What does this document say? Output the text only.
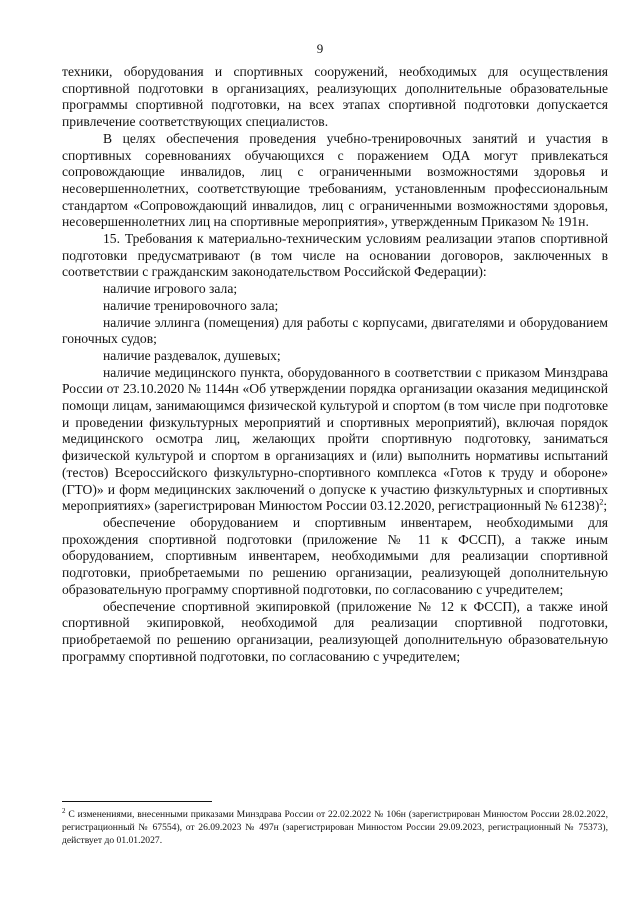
9

техники, оборудования и спортивных сооружений, необходимых для осуществления спортивной подготовки в организациях, реализующих дополнительные образовательные программы спортивной подготовки, на всех этапах спортивной подготовки допускается привлечение соответствующих специалистов.

В целях обеспечения проведения учебно-тренировочных занятий и участия в спортивных соревнованиях обучающихся с поражением ОДА могут привлекаться сопровождающие инвалидов, лиц с ограниченными возможностями здоровья и несовершеннолетних, соответствующие требованиям, установленным профессиональным стандартом «Сопровождающий инвалидов, лиц с ограниченными возможностями здоровья, несовершеннолетних лиц на спортивные мероприятия», утвержденным Приказом № 191н.

15. Требования к материально-техническим условиям реализации этапов спортивной подготовки предусматривают (в том числе на основании договоров, заключенных в соответствии с гражданским законодательством Российской Федерации):

наличие игрового зала;

наличие тренировочного зала;

наличие эллинга (помещения) для работы с корпусами, двигателями и оборудованием гоночных судов;

наличие раздевалок, душевых;

наличие медицинского пункта, оборудованного в соответствии с приказом Минздрава России от 23.10.2020 № 1144н «Об утверждении порядка организации оказания медицинской помощи лицам, занимающимся физической культурой и спортом (в том числе при подготовке и проведении физкультурных мероприятий и спортивных мероприятий), включая порядок медицинского осмотра лиц, желающих пройти спортивную подготовку, заниматься физической культурой и спортом в организациях и (или) выполнить нормативы испытаний (тестов) Всероссийского физкультурно-спортивного комплекса «Готов к труду и обороне» (ГТО)» и форм медицинских заключений о допуске к участию физкультурных и спортивных мероприятиях» (зарегистрирован Минюстом России 03.12.2020, регистрационный № 61238)$^2$;

обеспечение оборудованием и спортивным инвентарем, необходимыми для прохождения спортивной подготовки (приложение № 11 к ФССП), а также иным оборудованием, спортивным инвентарем, необходимыми для реализации спортивной подготовки, приобретаемыми по решению организации, реализующей дополнительную образовательную программу спортивной подготовки, по согласованию с учредителем;

обеспечение спортивной экипировкой (приложение № 12 к ФССП), а также иной спортивной экипировкой, необходимой для реализации спортивной подготовки, приобретаемой по решению организации, реализующей дополнительную образовательную программу спортивной подготовки, по согласованию с учредителем;

$^2$ С изменениями, внесенными приказами Минздрава России от 22.02.2022 № 106н (зарегистрирован Минюстом России 28.02.2022, регистрационный № 67554), от 26.09.2023 № 497н (зарегистрирован Минюстом России 29.09.2023, регистрационный № 75373), действует до 01.01.2027.
